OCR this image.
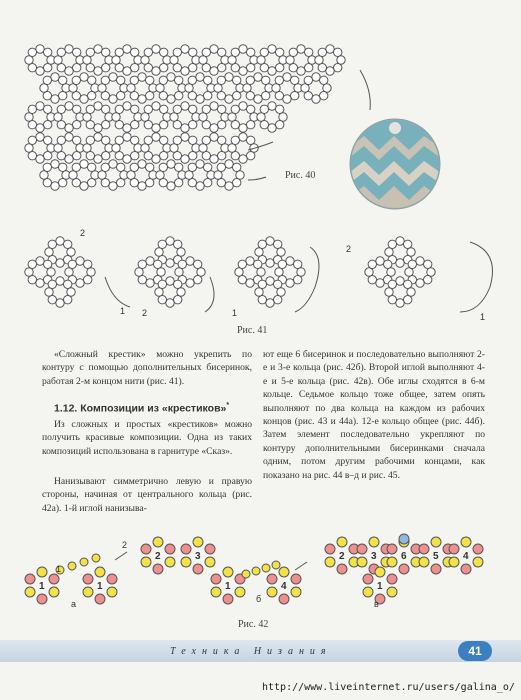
Рис. 40
2
1 2	1
2
1
Рис. 41
«Сложный крестик» можно укрепить по контуру с помощью дополнительных бисеринок, работая 2-м концом нити (рис. 41).
1.12. Композиции из «крестиков»*
Из сложных и простых «крестиков» можно получить красивые композиции. Одна из таких композиций использована в гарнитуре «Сказ».
Нанизывают симметрично левую и правую стороны, начиная от центрального кольца (рис. 42а). 1-й иглой нанизыва-
ют еще 6 бисеринок и последовательно выполняют 2-е и 3-е кольца (рис. 42б). Второй иглой выполняют 4-е и 5-е кольца (рис. 42в). Обе иглы сходятся в 6-м кольце. Седьмое кольцо тоже общее, затем опять выполняют по два кольца на каждом из рабочих концов (рис. 43 и 44а). 12-е кольцо общее (рис. 44б). Затем элемент последовательно укрепляют по контуру дополнительными бисеринками сначала одним, потом другим рабочими концами, как показано на рис. 44 в–д и рис. 45.
1	1
2	3
1	4
2	3
1
6	5 4
2
1
а	б	в
Рис. 42
Техника Низания	41
http://www.liveinternet.ru/users/galina_o/
